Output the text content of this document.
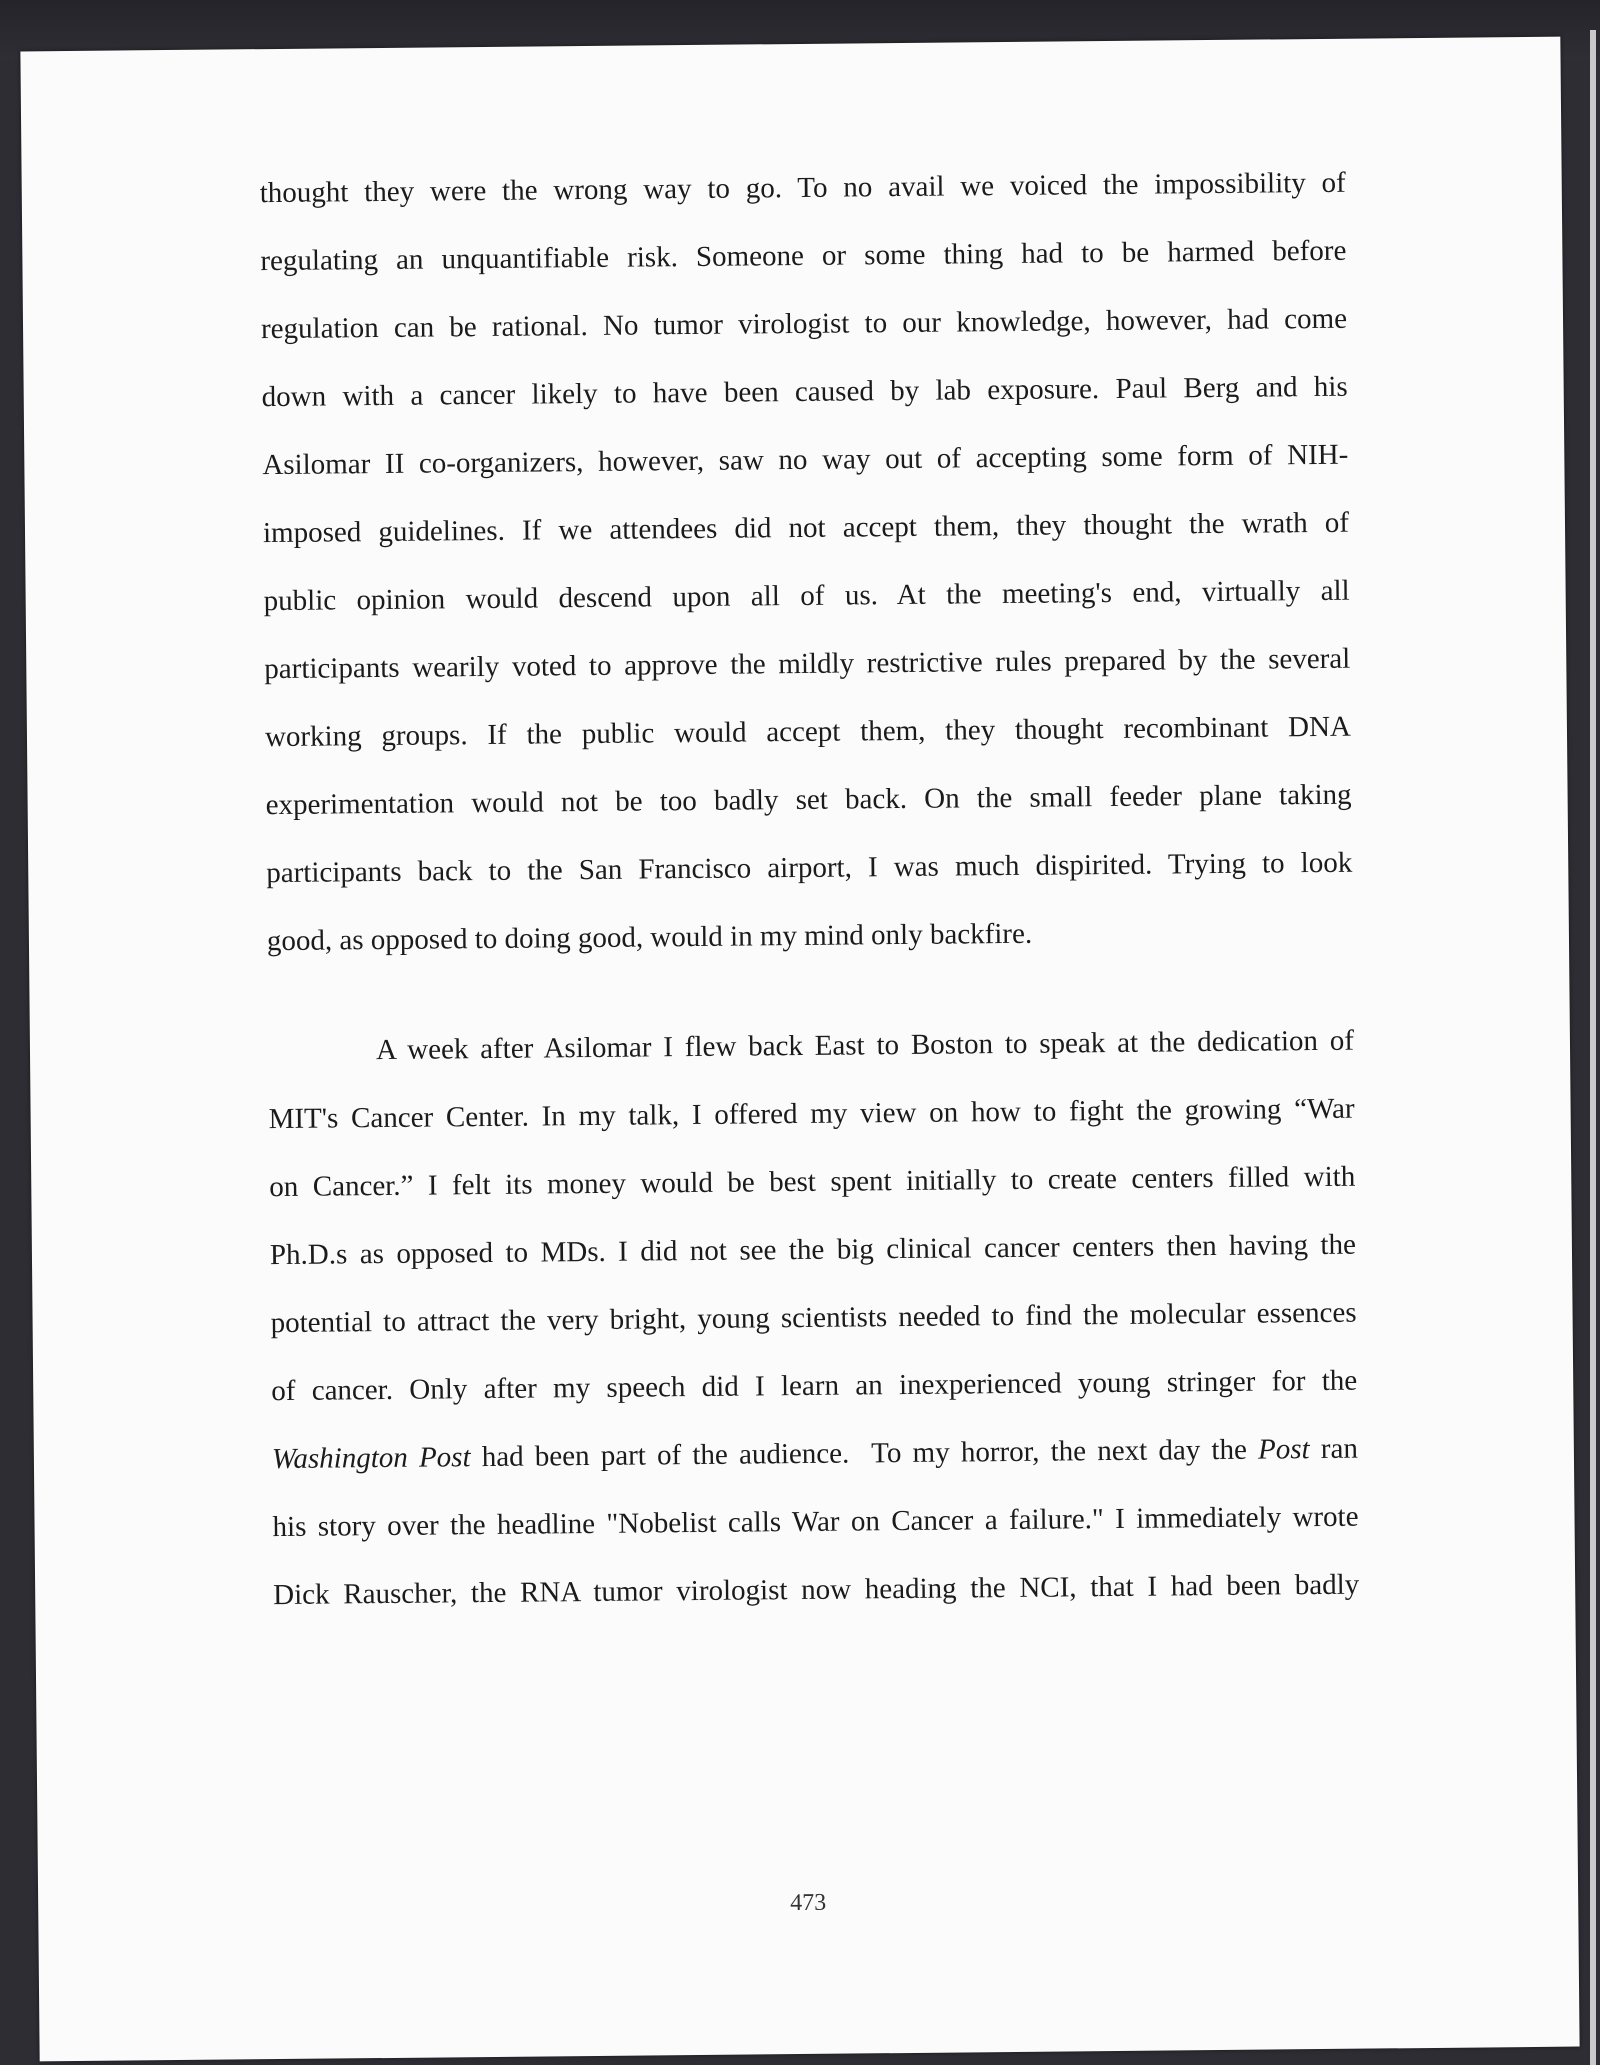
thought they were the wrong way to go. To no avail we voiced the impossibility of
regulating an unquantifiable risk. Someone or some thing had to be harmed before
regulation can be rational. No tumor virologist to our knowledge, however, had come
down with a cancer likely to have been caused by lab exposure. Paul Berg and his
Asilomar II co-organizers, however, saw no way out of accepting some form of NIH-
imposed guidelines. If we attendees did not accept them, they thought the wrath of
public opinion would descend upon all of us. At the meeting's end, virtually all
participants wearily voted to approve the mildly restrictive rules prepared by the several
working groups. If the public would accept them, they thought recombinant DNA
experimentation would not be too badly set back. On the small feeder plane taking
participants back to the San Francisco airport, I was much dispirited. Trying to look
good, as opposed to doing good, would in my mind only backfire.
A week after Asilomar I flew back East to Boston to speak at the dedication of
MIT's Cancer Center. In my talk, I offered my view on how to fight the growing “War
on Cancer.” I felt its money would be best spent initially to create centers filled with
Ph.D.s as opposed to MDs. I did not see the big clinical cancer centers then having the
potential to attract the very bright, young scientists needed to find the molecular essences
of cancer. Only after my speech did I learn an inexperienced young stringer for the
Washington Post had been part of the audience.  To my horror, the next day the Post ran
his story over the headline "Nobelist calls War on Cancer a failure." I immediately wrote
Dick Rauscher, the RNA tumor virologist now heading the NCI, that I had been badly
473
